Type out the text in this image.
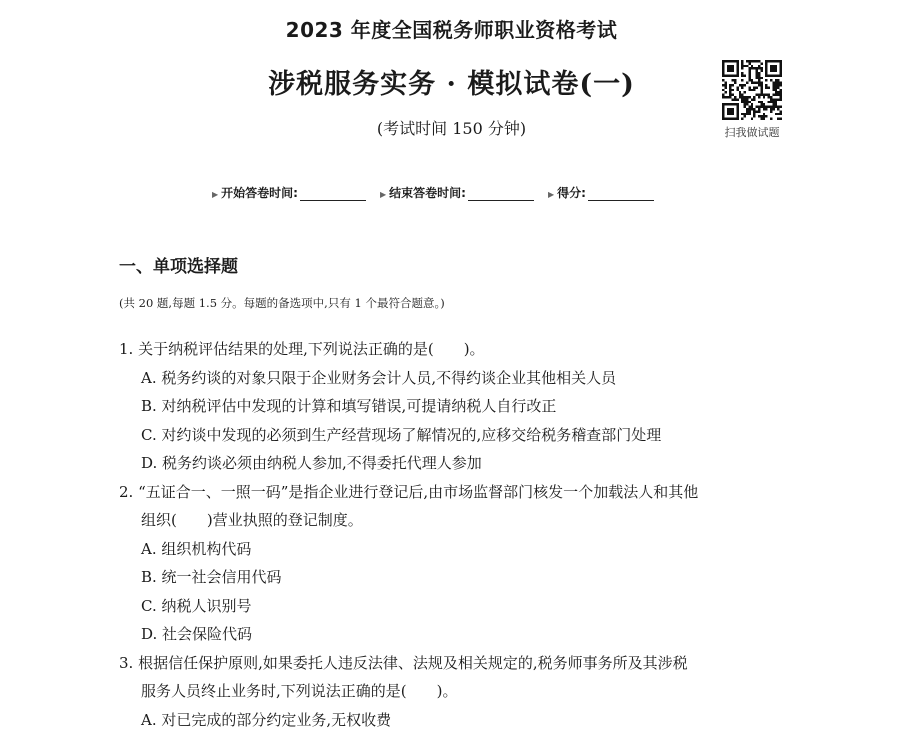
2023 年度全国税务师职业资格考试
涉税服务实务 · 模拟试卷(一)
(考试时间 150 分钟)	扫我做试题
▶ 开始答卷时间:	▶ 结束答卷时间:	▶ 得分:
一、单项选择题
(共 20 题,每题 1.5 分。每题的备选项中,只有 1 个最符合题意。)
1. 关于纳税评估结果的处理,下列说法正确的是(　　)。
A. 税务约谈的对象只限于企业财务会计人员,不得约谈企业其他相关人员
B. 对纳税评估中发现的计算和填写错误,可提请纳税人自行改正
C. 对约谈中发现的必须到生产经营现场了解情况的,应移交给税务稽查部门处理
D. 税务约谈必须由纳税人参加,不得委托代理人参加
2. “五证合一、一照一码”是指企业进行登记后,由市场监督部门核发一个加载法人和其他
组织(　　)营业执照的登记制度。
A. 组织机构代码
B. 统一社会信用代码
C. 纳税人识别号
D. 社会保险代码
3. 根据信任保护原则,如果委托人违反法律、法规及相关规定的,税务师事务所及其涉税
服务人员终止业务时,下列说法正确的是(　　)。
A. 对已完成的部分约定业务,无权收费
